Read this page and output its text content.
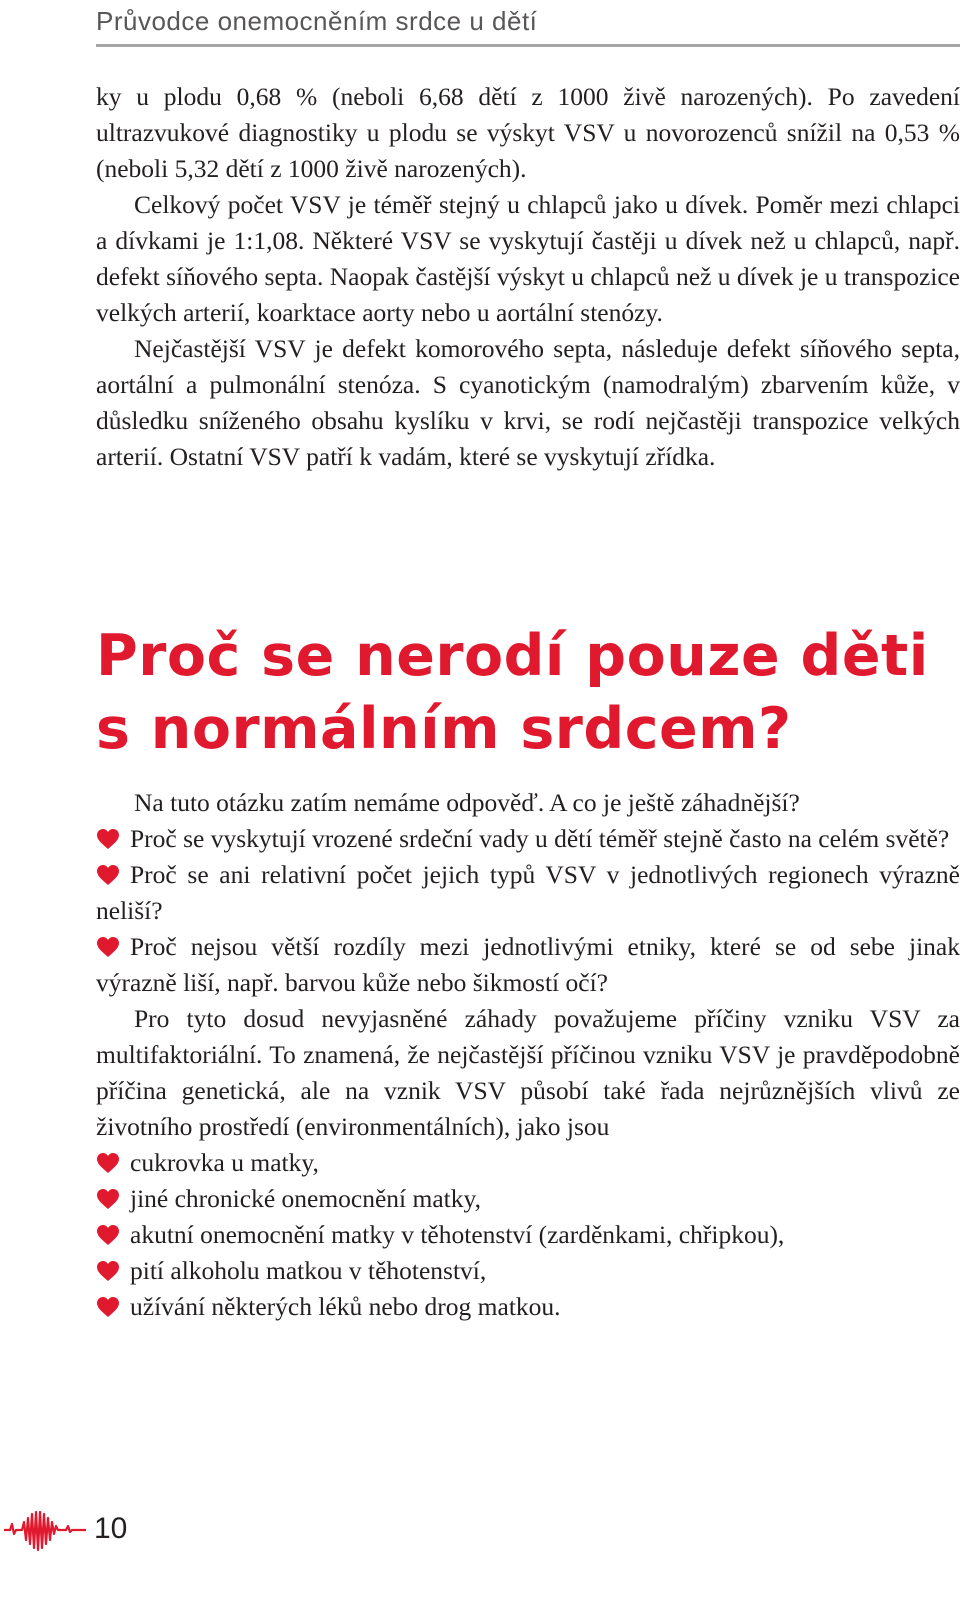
Průvodce onemocněním srdce u dětí

ky u plodu 0,68 % (neboli 6,68 dětí z 1000 živě narozených). Po zavedení ultrazvukové diagnostiky u plodu se výskyt VSV u novorozenců snížil na 0,53 % (neboli 5,32 dětí z 1000 živě narozených).

Celkový počet VSV je téměř stejný u chlapců jako u dívek. Poměr mezi chlapci a dívkami je 1:1,08. Některé VSV se vyskytují častěji u dívek než u chlapců, např. defekt síňového septa. Naopak častější výskyt u chlapců než u dívek je u transpozice velkých arterií, koarktace aorty nebo u aortální stenózy.

Nejčastější VSV je defekt komorového septa, následuje defekt síňového septa, aortální a pulmonální stenóza. S cyanotickým (namodralým) zbarvením kůže, v důsledku sníženého obsahu kyslíku v krvi, se rodí nejčastěji transpozice velkých arterií. Ostatní VSV patří k vadám, které se vyskytují zřídka.

Proč se nerodí pouze děti
s normálním srdcem?

Na tuto otázku zatím nemáme odpověď. A co je ještě záhadnější?

Proč se vyskytují vrozené srdeční vady u dětí téměř stejně často na celém světě?

Proč se ani relativní počet jejich typů VSV v jednotlivých regionech výrazně neliší?

Proč nejsou větší rozdíly mezi jednotlivými etniky, které se od sebe jinak výrazně liší, např. barvou kůže nebo šikmostí očí?

Pro tyto dosud nevyjasněné záhady považujeme příčiny vzniku VSV za multifaktoriální. To znamená, že nejčastější příčinou vzniku VSV je pravděpodobně příčina genetická, ale na vznik VSV působí také řada nejrůznějších vlivů ze životního prostředí (environmentálních), jako jsou

cukrovka u matky,
jiné chronické onemocnění matky,
akutní onemocnění matky v těhotenství (zarděnkami, chřipkou),
pití alkoholu matkou v těhotenství,
užívání některých léků nebo drog matkou.
10
